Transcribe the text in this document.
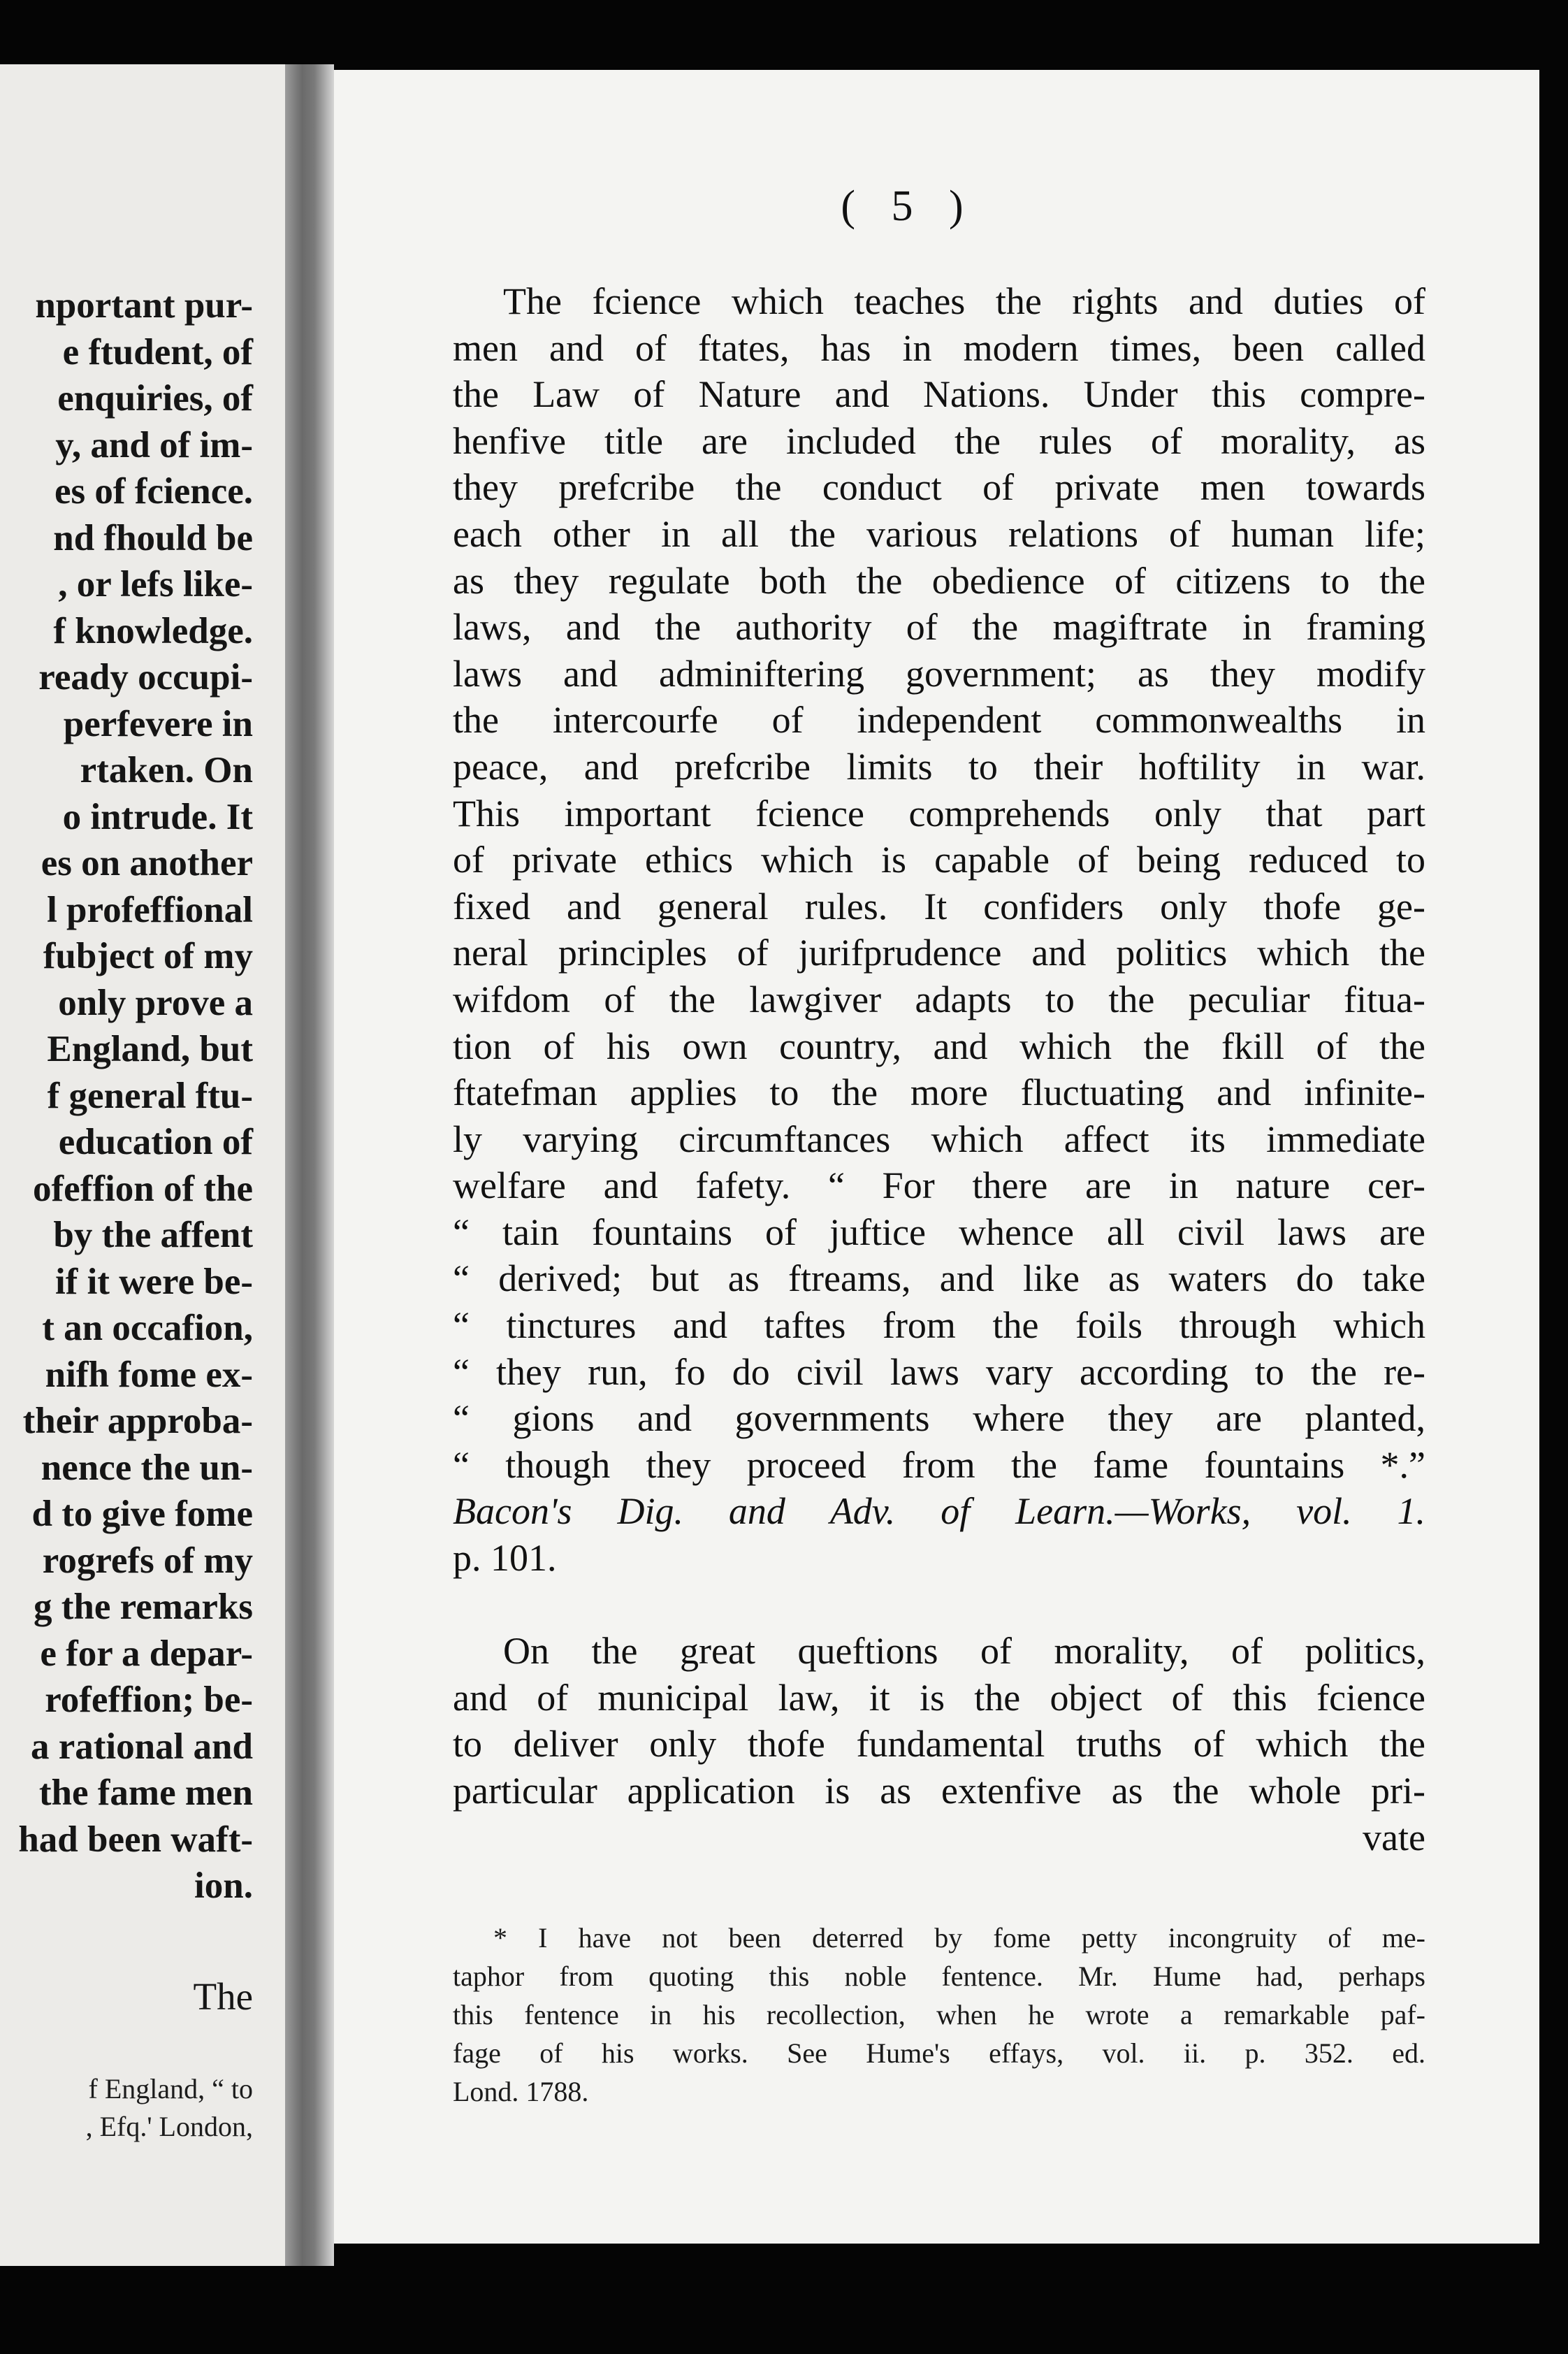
nportant pur-
e ftudent, of
enquiries, of
y, and of im-
es of fcience.
nd fhould be
, or lefs like-
f knowledge.
ready occupi-
perfevere in
rtaken. On
o intrude. It
es on another
l profeffional
fubject of my
only prove a
England, but
f general ftu-
education of
ofeffion of the
by the affent
if it were be-
t an occafion,
nifh fome ex-
their approba-
nence the un-
d to give fome
rogrefs of my
g the remarks
e for a depar-
rofeffion; be-
a rational and
the fame men
had been waft-
ion.
The
f England, “ to
, Efq.' London,
( 5 )
The fcience which teaches the rights and duties of
men and of ftates, has in modern times, been called
the Law of Nature and Nations. Under this compre-
henfive title are included the rules of morality, as
they prefcribe the conduct of private men towards
each other in all the various relations of human life;
as they regulate both the obedience of citizens to the
laws, and the authority of the magiftrate in framing
laws and adminiftering government; as they modify
the intercourfe of independent commonwealths in
peace, and prefcribe limits to their hoftility in war.
This important fcience comprehends only that part
of private ethics which is capable of being reduced to
fixed and general rules. It confiders only thofe ge-
neral principles of jurifprudence and politics which the
wifdom of the lawgiver adapts to the peculiar fitua-
tion of his own country, and which the fkill of the
ftatefman applies to the more fluctuating and infinite-
ly varying circumftances which affect its immediate
welfare and fafety. “ For there are in nature cer-
“ tain fountains of juftice whence all civil laws are
“ derived; but as ftreams, and like as waters do take
“ tinctures and taftes from the foils through which
“ they run, fo do civil laws vary according to the re-
“ gions and governments where they are planted,
“ though they proceed from the fame fountains *.”
Bacon's Dig. and Adv. of Learn.—Works, vol. 1.
p. 101.
On the great queftions of morality, of politics,
and of municipal law, it is the object of this fcience
to deliver only thofe fundamental truths of which the
particular application is as extenfive as the whole pri-
vate
* I have not been deterred by fome petty incongruity of me-
taphor from quoting this noble fentence. Mr. Hume had, perhaps
this fentence in his recollection, when he wrote a remarkable paf-
fage of his works. See Hume's effays, vol. ii. p. 352. ed.
Lond. 1788.
